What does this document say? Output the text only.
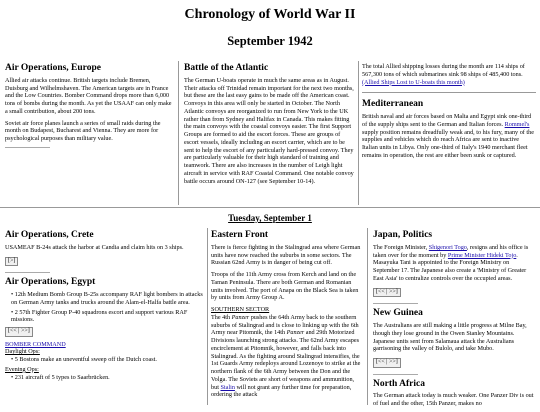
Chronology of World War II
September 1942
Air Operations, Europe

Allied air attacks continue. British targets include Bremen, Duisburg and Wilhelmshaven. The American targets are in France and the Low Countries. Bomber Command drops more than 6,000 tons of bombs during the month. As yet the USAAF can only make a small contribution, about 200 tons.

Soviet air force planes launch a series of small raids during the month on Budapest, Bucharest and Vienna. They are more for psychological purposes than military value.

Battle of the Atlantic

The German U-boats operate in much the same areas as in August. Their attacks off Trinidad remain important for the next two months, but these are the last easy gains to be made off the American coast. Convoys in this area will only be started in October. The North Atlantic convoys are reorganized to run from New York to the UK rather than from Sydney and Halifax in Canada. This makes fitting the main convoys with the coastal convoys easier. The first Support Groups are formed to aid the escort forces. These are groups of escort vessels, ideally including an escort carrier, which are to be sent to help the escort of any particularly hard-pressed convoy. They are particularly valuable for their high standard of training and teamwork. There are also increases in the number of Leigh light aircraft in service with RAF Coastal Command. One notable convoy battle occurs around ON-127 (see September 10-14).

The total Allied shipping losses during the month are 114 ships of 567,300 tons of which submarines sink 98 ships of 485,400 tons. (Allied Ships Lost to U-boats this month)

Mediterranean

British naval and air forces based on Malta and Egypt sink one-third of the supply ships sent to the German and Italian forces. Rommel's supply position remains dreadfully weak and, to his fury, many of the supplies and vehicles which do reach Africa are sent to inactive Italian units in Libya. Only one-third of Italy's 1940 merchant fleet remains in operation, the rest are either been sunk or captured.

Tuesday, September 1
Air Operations, Crete

USAMEAF B-24s attack the harbor at Candia and claim hits on 3 ships.

[>]
Air Operations, Egypt
• 12th Medium Bomb Group B-25s accompany RAF light bombers in attacks on German Army tanks and trucks around the Alam-el-Halfa battle area.
• 2 57th Fighter Group P-40 squadrons escort and support various RAF missions.
[<< | >>]
BOMBER COMMAND
Daylight Ops:
• 5 Bostons make an uneventful sweep off the Dutch coast.
Evening Ops:
• 231 aircraft of 5 types to Saarbrücken.
Eastern Front

There is fierce fighting in the Stalingrad area where German units have now reached the suburbs in some sectors. The Russian 62nd Army is in danger of being cut off.

Troops of the 11th Army cross from Kerch and land on the Taman Peninsula. There are both German and Romanian units involved. The port of Anapa on the Black Sea is taken by units from Army Group A.

SOUTHERN SECTOR

The 4th Panzer pushes the 64th Army back to the southern suburbs of Stalingrad and is close to linking up with the 6th Army near Pitomnik, the 14th Panzer and 29th Motorized Divisions launching strong attacks. The 62nd Army escapes encirclement at Pitomnik, however, and falls back into Stalingrad. As the fighting around Stalingrad intensifies, the 1st Guards Army redeploys around Lozenoye to strike at the northern flank of the 6th Army between the Don and the Volga. The Soviets are short of weapons and ammunition, but Stalin will not grant any further time for preparation, ordering the attack

Japan, Politics

The Foreign Minister, Shigenori Togo, resigns and his office is taken over for the moment by Prime Minister Hideki Tojo. Masayuka Tani is appointed to the Foreign Ministry on September 17. The Japanese also create a 'Ministry of Greater East Asia' to centralize controls over the occupied areas.

[<< | >>]
New Guinea

The Australians are still making a little progress at Milne Bay, though they lose ground in the Owen Stanley Mountains. Japanese units sent from Salamaua attack the Australians garrisoning the valley of Bulolo, and take Mubo.

[<< | >>]
North Africa

The German attack today is much weaker. One Panzer Div is out of fuel and the other, 15th Panzer, makes no
